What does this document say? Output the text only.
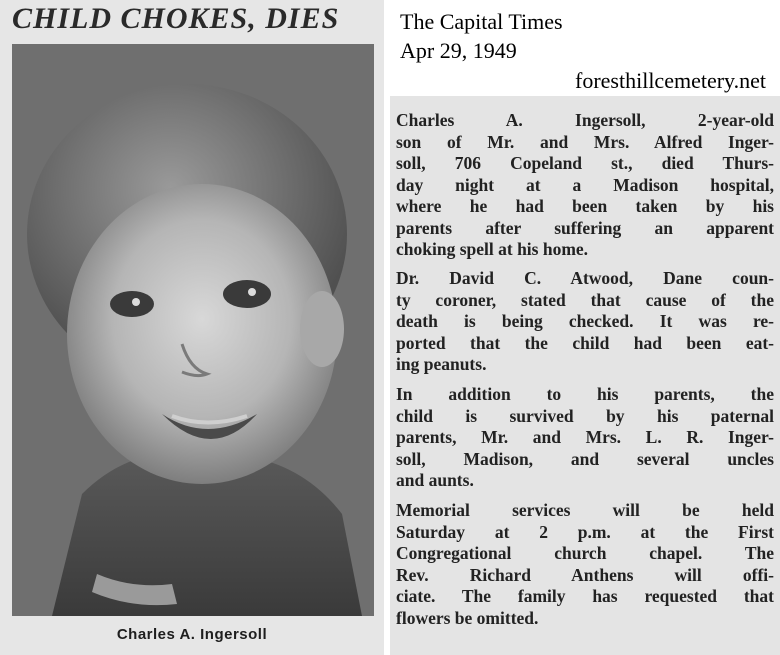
CHILD CHOKES, DIES
Charles A. Ingersoll
The Capital Times
Apr 29, 1949
foresthillcemetery.net
Charles A. Ingersoll, 2-year-old
son of Mr. and Mrs. Alfred Inger-
soll, 706 Copeland st., died Thurs-
day night at a Madison hospital,
where he had been taken by his
parents after suffering an apparent
choking spell at his home.
Dr. David C. Atwood, Dane coun-
ty coroner, stated that cause of the
death is being checked. It was re-
ported that the child had been eat-
ing peanuts.
In addition to his parents, the
child is survived by his paternal
parents, Mr. and Mrs. L. R. Inger-
soll, Madison, and several uncles
and aunts.
Memorial services will be held
Saturday at 2 p.m. at the First
Congregational church chapel. The
Rev. Richard Anthens will offi-
ciate. The family has requested that
flowers be omitted.
